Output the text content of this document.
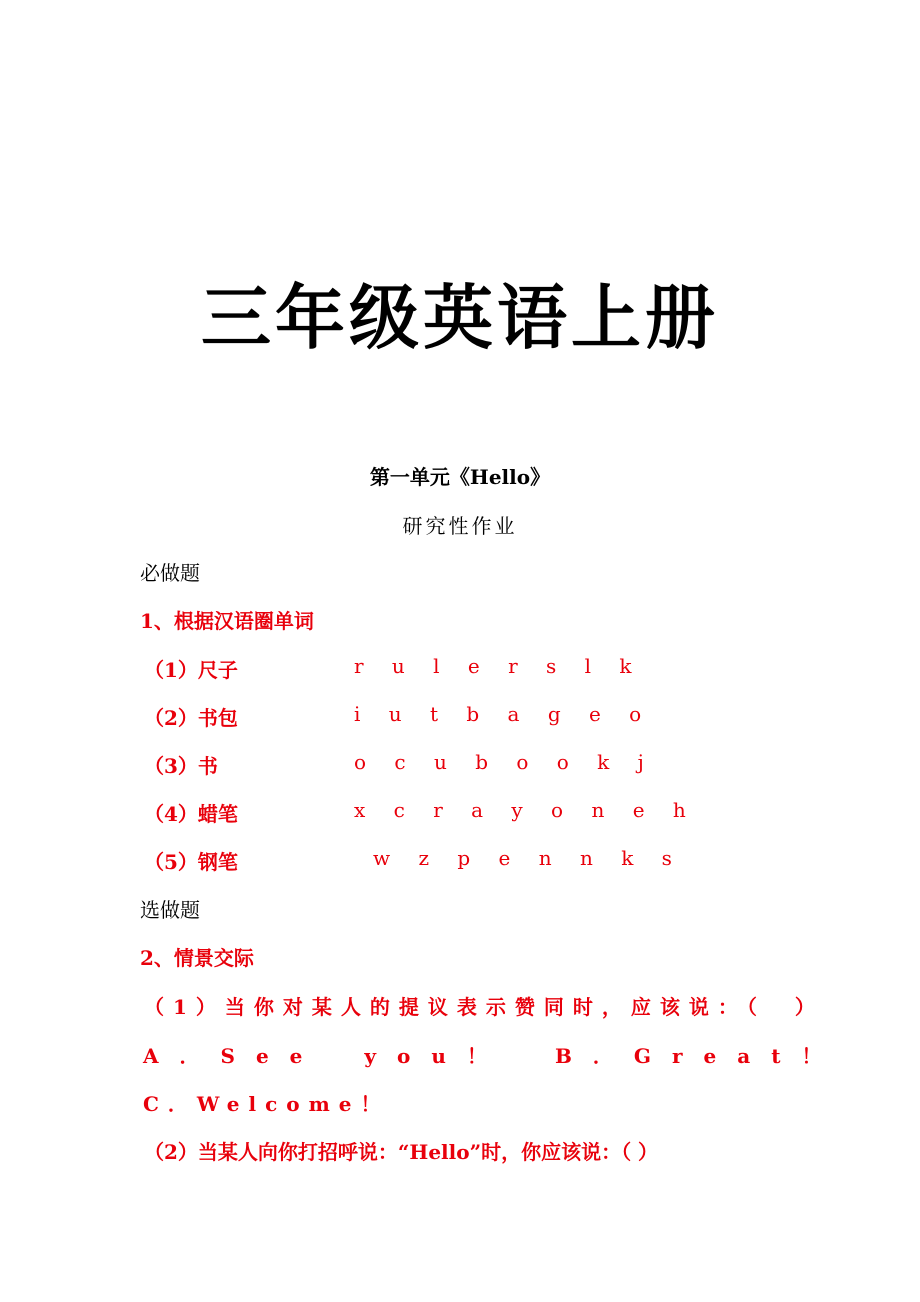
三年级英语上册
第一单元《Hello》
研究性作业
必做题
1、根据汉语圈单词
（1）尺子	r u l e r s l k
（2）书包	i u t b a g e o
（3）书	o c u b o o k j
（4）蜡笔	x c r a y o n e h
（5）钢笔	w z p e n n k s
选做题
2、情景交际
（1）当你对某人的提议表示赞同时，应该说：（　）
A．See　you！ B．Great！
C．Welcome！
（2）当某人向你打招呼说：“Hello”时，你应该说：（ ）
